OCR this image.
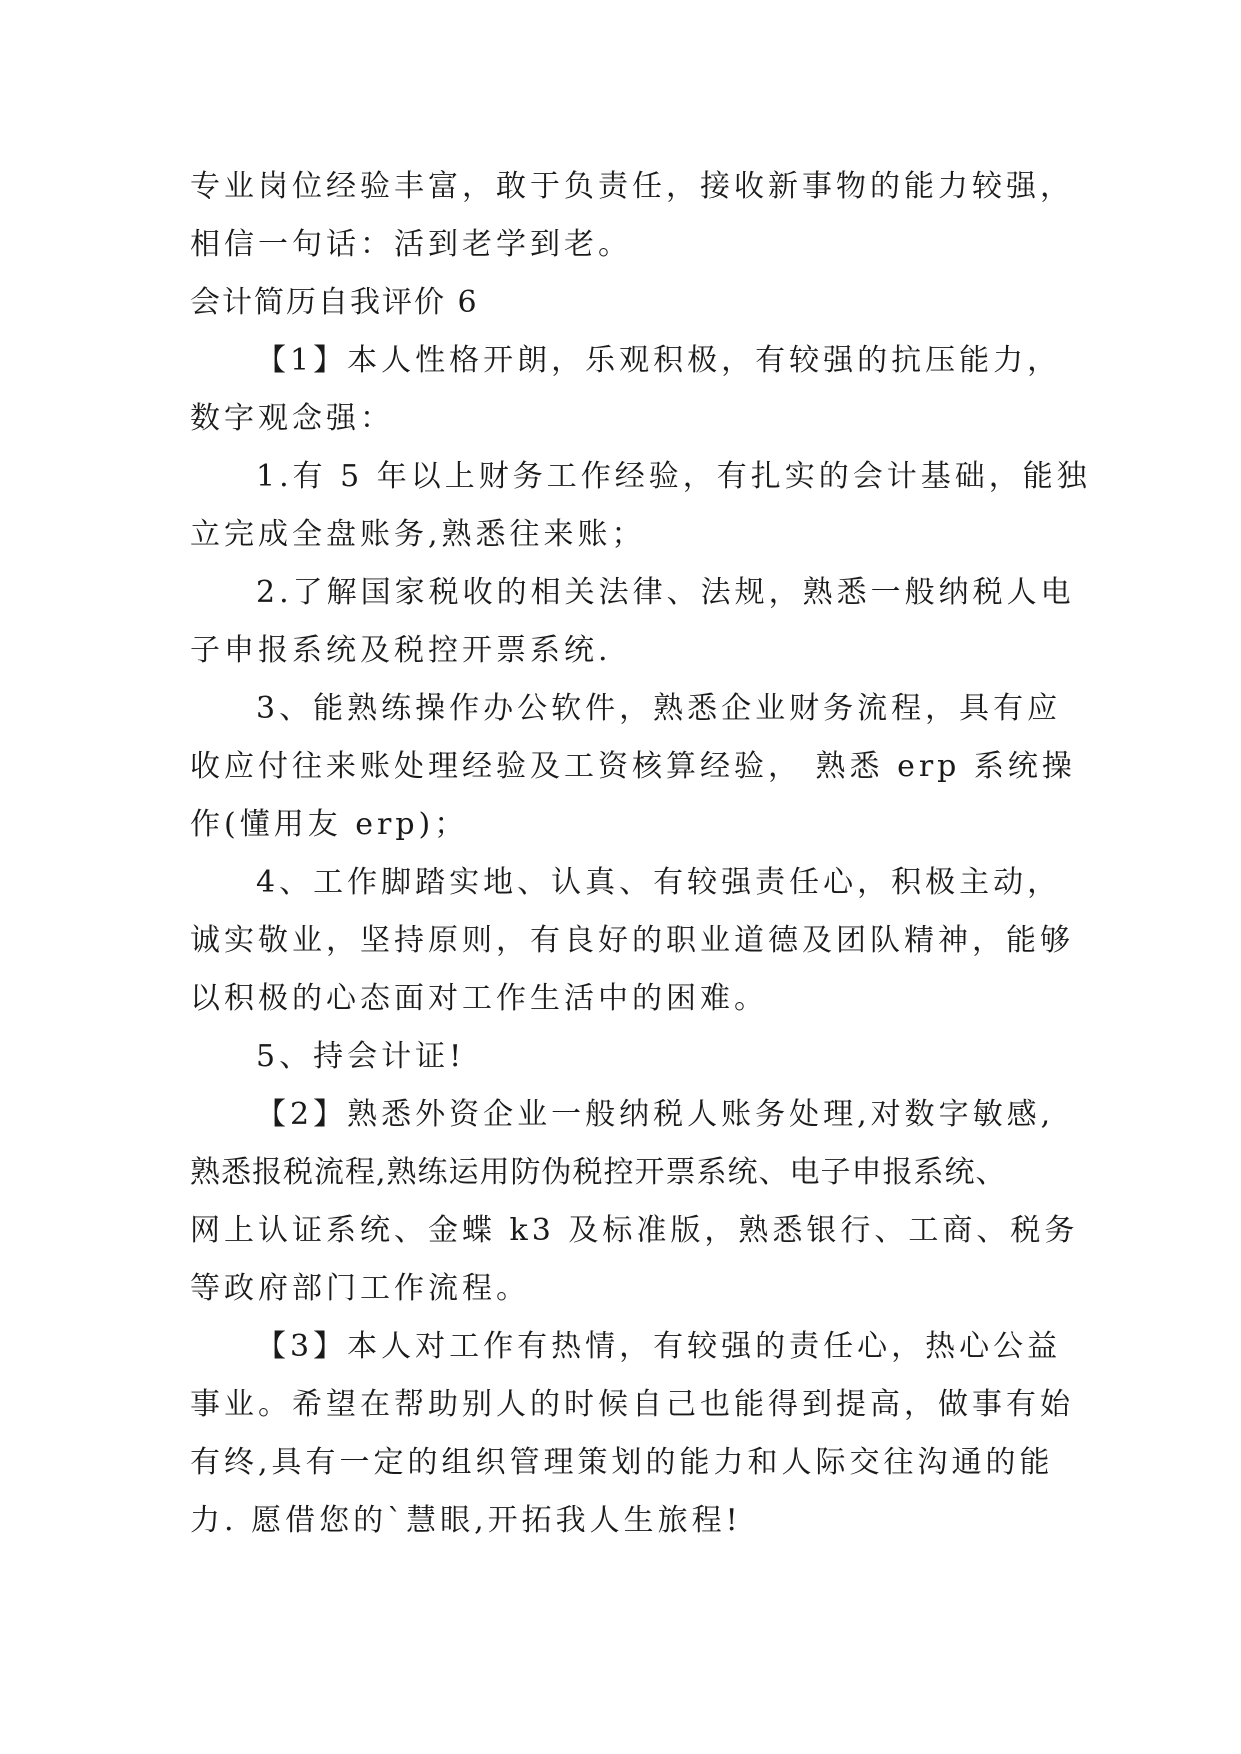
专业岗位经验丰富，敢于负责任，接收新事物的能力较强，
相信一句话：活到老学到老。
会计简历自我评价 6
【1】本人性格开朗，乐观积极，有较强的抗压能力，
数字观念强：
1.有 5 年以上财务工作经验，有扎实的会计基础，能独
立完成全盘账务,熟悉往来账；
2.了解国家税收的相关法律、法规，熟悉一般纳税人电
子申报系统及税控开票系统.
3、能熟练操作办公软件，熟悉企业财务流程，具有应
收应付往来账处理经验及工资核算经验， 熟悉 erp 系统操
作(懂用友 erp)；
4、工作脚踏实地、认真、有较强责任心，积极主动，
诚实敬业，坚持原则，有良好的职业道德及团队精神，能够
以积极的心态面对工作生活中的困难。
5、持会计证!
【2】熟悉外资企业一般纳税人账务处理,对数字敏感,
熟悉报税流程,熟练运用防伪税控开票系统、电子申报系统、
网上认证系统、金蝶 k3 及标准版，熟悉银行、工商、税务
等政府部门工作流程。
【3】本人对工作有热情，有较强的责任心，热心公益
事业。希望在帮助别人的时候自己也能得到提高，做事有始
有终,具有一定的组织管理策划的能力和人际交往沟通的能
力. 愿借您的`慧眼,开拓我人生旅程!
